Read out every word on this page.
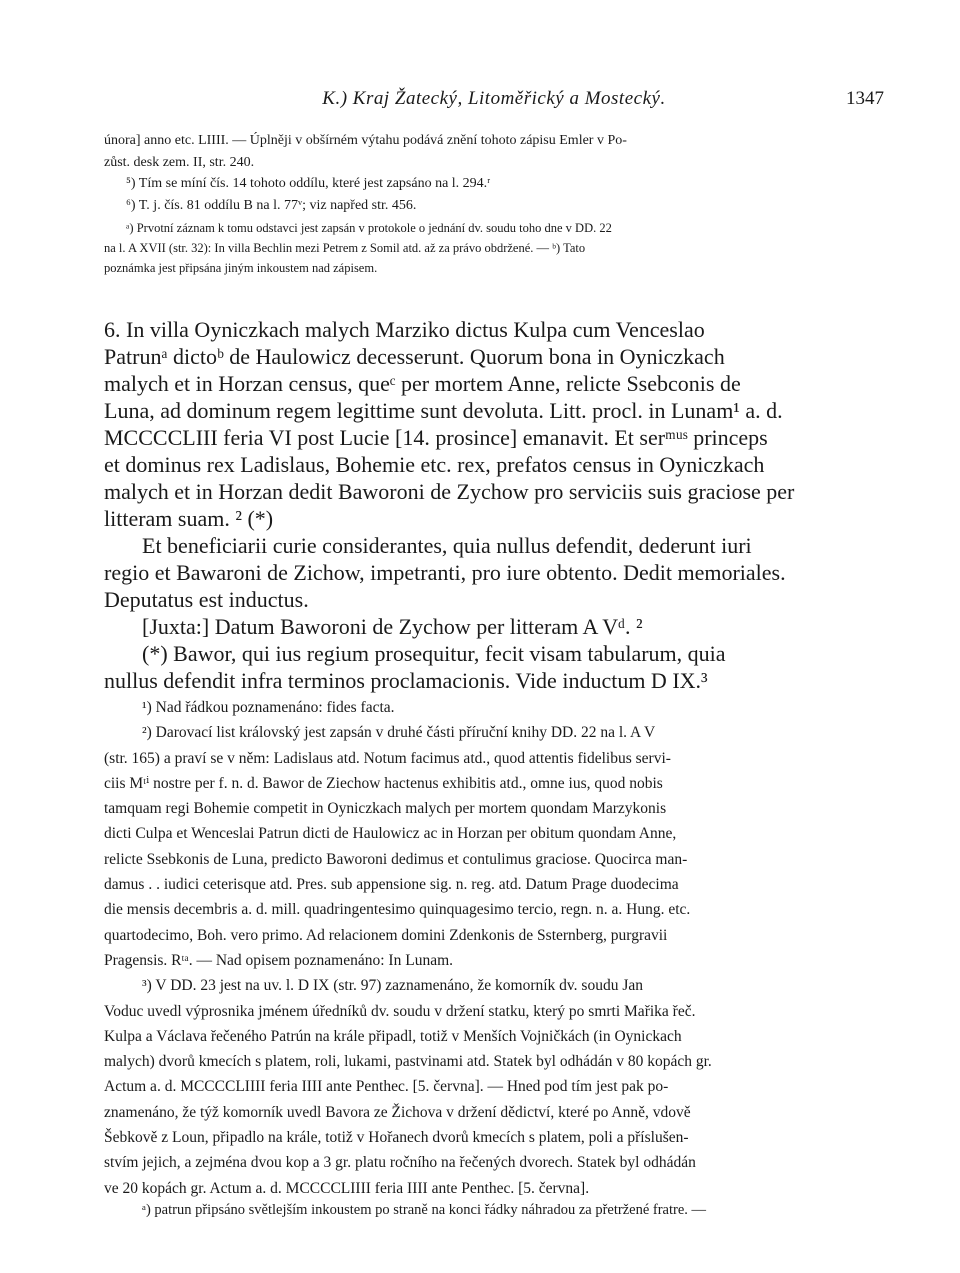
K.) Kraj Žatecký, Litoměřický a Mostecký.	1347
února] anno etc. LIIII. — Úplněji v obšírném výtahu podává znění tohoto zápisu Emler v Po-
zůst. desk zem. II, str. 240.
⁵) Tím se míní čís. 14 tohoto oddílu, které jest zapsáno na l. 294.ʳ
⁶) T. j. čís. 81 oddílu B na l. 77ᵛ; viz napřed str. 456.
ᵃ) Prvotní záznam k tomu odstavci jest zapsán v protokole o jednání dv. soudu toho dne v DD. 22
na l. A XVII (str. 32): In villa Bechlin mezi Petrem z Somil atd. až za právo obdržené. — ᵇ) Tato
poznámka jest připsána jiným inkoustem nad zápisem.
6. In villa Oyniczkach malych Marziko dictus Kulpa cum Venceslao
Patrunᵃ dictoᵇ de Haulowicz decesserunt. Quorum bona in Oyniczkach
malych et in Horzan census, queᶜ per mortem Anne, relicte Ssebconis de
Luna, ad dominum regem legittime sunt devoluta. Litt. procl. in Lunam¹ a. d.
MCCCCLIII feria VI post Lucie [14. prosince] emanavit. Et serᵐᵘˢ princeps
et dominus rex Ladislaus, Bohemie etc. rex, prefatos census in Oyniczkach
malych et in Horzan dedit Baworoni de Zychow pro serviciis suis graciose per
litteram suam. ² (*)
Et beneficiarii curie considerantes, quia nullus defendit, dederunt iuri
regio et Bawaroni de Zichow, impetranti, pro iure obtento. Dedit memoriales.
Deputatus est inductus.
[Juxta:] Datum Baworoni de Zychow per litteram A Vᵈ. ²
(*) Bawor, qui ius regium prosequitur, fecit visam tabularum, quia
nullus defendit infra terminos proclamacionis. Vide inductum D IX.³
¹) Nad řádkou poznamenáno: fides facta.
²) Darovací list královský jest zapsán v druhé části příruční knihy DD. 22 na l. A V
(str. 165) a praví se v něm: Ladislaus atd. Notum facimus atd., quod attentis fidelibus servi-
ciis Mᵗⁱ nostre per f. n. d. Bawor de Ziechow hactenus exhibitis atd., omne ius, quod nobis
tamquam regi Bohemie competit in Oyniczkach malych per mortem quondam Marzykonis
dicti Culpa et Wenceslai Patrun dicti de Haulowicz ac in Horzan per obitum quondam Anne,
relicte Ssebkonis de Luna, predicto Baworoni dedimus et contulimus graciose. Quocirca man-
damus . . iudici ceterisque atd. Pres. sub appensione sig. n. reg. atd. Datum Prage duodecima
die mensis decembris a. d. mill. quadringentesimo quinquagesimo tercio, regn. n. a. Hung. etc.
quartodecimo, Boh. vero primo. Ad relacionem domini Zdenkonis de Ssternberg, purgravii
Pragensis. Rᵗᵃ. — Nad opisem poznamenáno: In Lunam.
³) V DD. 23 jest na uv. l. D IX (str. 97) zaznamenáno, že komorník dv. soudu Jan
Voduc uvedl výprosnika jménem úředníků dv. soudu v držení statku, který po smrti Mařika řeč.
Kulpa a Václava řečeného Patrún na krále připadl, totiž v Menších Vojničkách (in Oynickach
malych) dvorů kmecích s platem, roli, lukami, pastvinami atd. Statek byl odhádán v 80 kopách gr.
Actum a. d. MCCCCLIIII feria IIII ante Penthec. [5. června]. — Hned pod tím jest pak po-
znamenáno, že týž komorník uvedl Bavora ze Žichova v držení dědictví, které po Anně, vdově
Šebkově z Loun, připadlo na krále, totiž v Hořanech dvorů kmecích s platem, poli a příslušen-
stvím jejich, a zejména dvou kop a 3 gr. platu ročního na řečených dvorech. Statek byl odhádán
ve 20 kopách gr. Actum a. d. MCCCCLIIII feria IIII ante Penthec. [5. června].
ᵃ) patrun připsáno světlejším inkoustem po straně na konci řádky náhradou za přetržené fratre. —
